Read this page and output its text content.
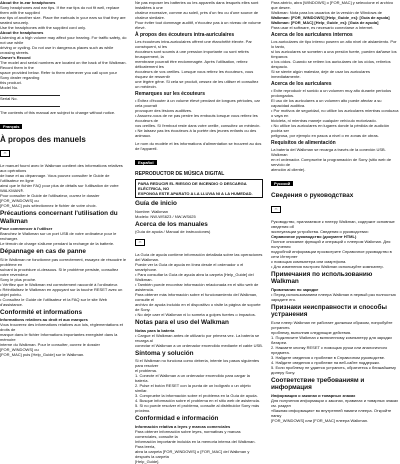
About the in-ear headphones

Sony headphones and ear tips. If the ear tips do not fit well, replace them with the supplied

ear tips of another size. Place the earbuds in your ears so that they are seated securely.

Use the headphones with the supplied cord only.

About the headphones

Listening at a high volume may affect your hearing. For traffic safety, do not use while

driving or cycling. Do not use in dangerous places such as while crossing streets.

Owner's Record

The model and serial numbers are located on the back of the Walkman. Record them in the

space provided below. Refer to them whenever you call upon your Sony dealer regarding

this product.

Model No.

Serial No.

The contents of this manual are subject to change without notice.

Français

À propos des manuels

▭

Le manuel fourni avec le Walkman contient des informations relatives aux opérations

de base et au dépannage. Vous pouvez consulter le Guide de l'utilisateur en ligne

ainsi que le fichier FAQ pour plus de détails sur l'utilisation de votre WALKMAN®.

Pour consulter le Guide de l'utilisateur, ouvrez le dossier [FOR_WINDOWS] ou

[FOR_MAC] puis sélectionnez le fichier de votre choix.

Précautions concernant l'utilisation du Walkman

Pour commencer à l'utiliser

Branchez le Walkman sur un port USB de votre ordinateur pour le recharger.

Le témoin de charge s'allume pendant la recharge de la batterie.

Dépannage en cas de panne

Si le Walkman ne fonctionne pas correctement, essayez de résoudre le problème en

suivant la procédure ci-dessous. Si le problème persiste, consultez votre revendeur

Sony le plus proche.

• Vérifiez que le Walkman est correctement raccordé à l'ordinateur.

• Réinitialisez le Walkman en appuyant sur la touche RESET avec un objet pointu.

• Consultez le Guide de l'utilisateur et la FAQ sur le site Web d'assistance.

Conformité et informations

Informations relatives au droit et aux marques

Vous trouverez des informations relatives aux lois, réglementations et droits de

marque dans le fichier Informations importantes enregistré dans la mémoire

interne du Walkman. Pour le consulter, ouvrez le dossier [FOR_WINDOWS] ou

[FOR_MAC] puis [Help_Guide] sur le Walkman.

Ne pas exposer les batteries ou les appareils dans lesquels elles sont installées à une

chaleur excessive, comme au soleil, près d'un feu ou d'une source de chaleur similaire.

Pour éviter tout dommage auditif, n'écoutez pas à un niveau de volume élevé.

À propos des écouteurs intra-auriculaires

Les écouteurs intra-auriculaires offrent une étanchéité élevée. Par conséquent, si les

écouteurs sont soumis à une pression importante ou sont retirés brusquement, la

membrane pourrait être endommagée. Après l'utilisation, retirez délicatement les

écouteurs de vos oreilles. Lorsque vous retirez les écouteurs, vous risquez de ressentir

une légère gêne. Si cela se produit, cessez de les utiliser et consultez un médecin.

Remarques sur les écouteurs

• Évitez d'écouter à un volume élevé pendant de longues périodes, car cela pourrait

provoquer des lésions auditives.

• Assurez-vous de ne pas perdre les embouts lorsque vous retirez les écouteurs de

vos oreilles. Si l'embout reste dans votre oreille, consultez un médecin.

• Ne laissez pas les écouteurs à la portée des jeunes enfants ou des animaux.

Le nom du modèle et les informations d'alimentation se trouvent au dos de l'appareil.

Español

REPRODUCTOR DE MÚSICA DIGITAL

PARA REDUCIR EL RIESGO DE INCENDIO O DESCARGA ELÉCTRICA, NO

EXPONGA ESTE APARATO A LA LLUVIA NI A LA HUMEDAD.

Guía de inicio

Nombre: Walkman

Modelo: NW-WS623 / NW-WS625

Acerca de los manuales

(Guía de ayuda / Manual de instrucciones)

▭

La Guía de ayuda contiene información detallada sobre las operaciones del Walkman.

Puede ver la Guía de ayuda en línea desde el ordenador o el smartphone.

• Para consultar la Guía de ayuda abra la carpeta [Help_Guide] del Walkman.

• También puede encontrar información relacionada en el sitio web de asistencia.

Para obtener más información sobre el funcionamiento del Walkman, consulte el

archivo de ayuda incluido en el dispositivo o visite la página de soporte de Sony.

• No deje caer el Walkman ni lo someta a golpes fuertes o impactos.

Notas para el uso del Walkman

Notas para la batería

• Cargue el Walkman antes de utilizarlo por primera vez. La batería se recarga al

conectar el Walkman a un ordenador encendido mediante el cable USB.

Síntoma y solución

Si el Walkman no funciona como debería, intente los pasos siguientes para resolver

el problema.

1. Conecte el Walkman a un ordenador encendido para cargar la batería.

2. Pulse el botón RESET con la punta de un bolígrafo o un objeto similar.

3. Compruebe la información sobre el problema en la Guía de ayuda.

4. Busque información sobre el problema en el sitio web de asistencia.

5. Si no puede resolver el problema, consulte al distribuidor Sony más próximo.

Conformidad e información

Información relativa a leyes y marcas comerciales

Para obtener información sobre leyes, normativas y marcas comerciales, consulte la

Información importante incluida en la memoria interna del Walkman. Para leerla,

abra la carpeta [FOR_WINDOWS] o [FOR_MAC] del Walkman y después la carpeta

[Help_Guide].

Para abrirlo, abra [WINDOWS] o [FOR_MAC] y seleccione el archivo que desee.

Walkman: Nota para los usuarios de la versión de Windows de

Walkman: [FOR_WINDOWS] [Help_Guide_es]: [Guía de ayuda]

Walkman: [FOR_MAC] [Help_Guide_es]: [Guía de ayuda]

Para usar el software, es necesario conectarse a Internet.

Acerca de los auriculares internos

Los auriculares de tipo interno poseen un alto nivel de aislamiento. Por lo tanto,

si los auriculares se someten a una presión fuerte, pueden dañarse los tímpanos

o los oídos. Cuando se retiren los auriculares de los oídos, retírelos despacio.

Si se siente algún malestar, deje de usar los auriculares inmediatamente.

Acerca de los auriculares

• Evite reproducir el sonido a un volumen muy alto durante periodos prolongados.

El uso de los auriculares a un volumen alto puede afectar a su capacidad auditiva.

• Por motivos de seguridad, no utilice los auriculares mientras conduzca o vaya en

bicicleta, ni mientras maneje cualquier vehículo motorizado.

• No utilice los auriculares en lugares donde la pérdida de audición podría ser

peligrosa, por ejemplo en pasos a nivel o en zonas de obras.

Requisitos de alimentación

La batería del Walkman se recarga a través de la conexión USB. Walkman

en el ordenador. Compruebe la programación de Sony (sitio web de servicio de

atención al cliente).

Русский

Сведения о руководствах

▭

Руководство, прилагаемое к плееру Walkman, содержит основные сведения об

эксплуатации устройства. Сведения о руководствах:

Справочное руководство (документ HTML)

Полное описание функций и операций с плеером Walkman. Для получения

подробной информации просмотрите Справочное руководство в сети Интернет

с помощью компьютера или смартфона.

• Для изменения настроек Walkman используйте компьютер.

Примечания по использованию Walkman

Примечания по зарядке

• Перед использованием плеера Walkman в первый раз полностью зарядите его.

Признаки неисправности и способы устранения

Если плеер Walkman не работает должным образом, попробуйте устранить

проблему, выполнив следующие действия.

1. Подключите Walkman к включенному компьютеру для зарядки батареи.

2. Нажмите кнопку RESET с помощью ручки или аналогичного предмета.

3. Найдите сведения о проблеме в Справочном руководстве.

4. Найдите сведения о проблеме на веб-сайте поддержки.

5. Если проблему не удается устранить, обратитесь к ближайшему дилеру Sony.

Соответствие требованиям и информация

Информация о законах и товарных знаках

Для получения информации о законах, правилах и товарных знаках см. раздел

«Важная информация» во внутренней памяти плеера. Откройте папку

[FOR_WINDOWS] или [FOR_MAC] плеера Walkman.
